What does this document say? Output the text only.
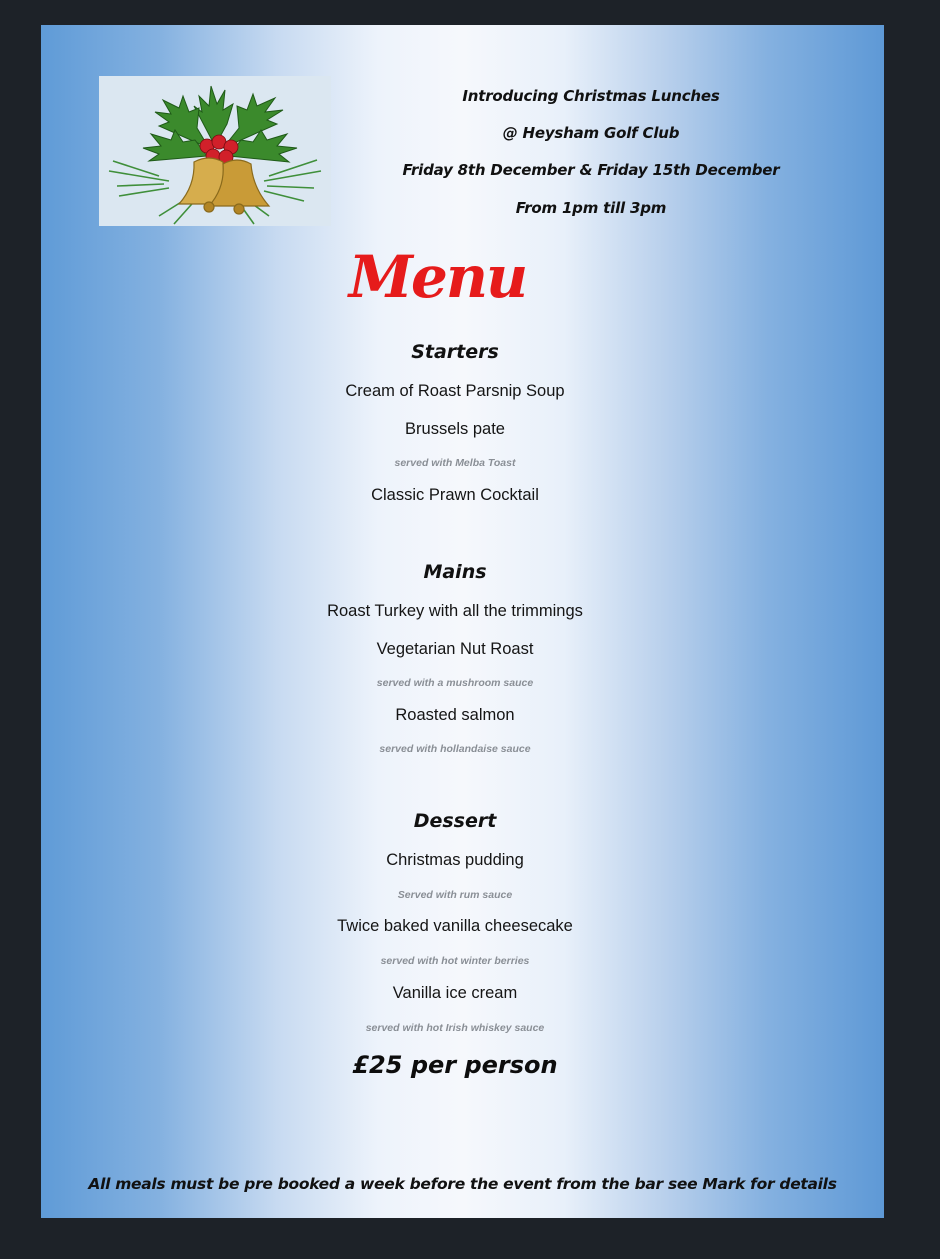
Introducing Christmas Lunches
@ Heysham Golf Club
Friday 8th December & Friday 15th December
From 1pm till 3pm
Menu
Starters
Cream of Roast Parsnip Soup
Brussels pate
served with Melba Toast
Classic Prawn Cocktail
Mains
Roast Turkey with all the trimmings
Vegetarian Nut Roast
served with a mushroom sauce
Roasted salmon
served with hollandaise sauce
Dessert
Christmas pudding
Served with rum sauce
Twice baked vanilla cheesecake
served with hot winter berries
Vanilla ice cream
served with hot Irish whiskey sauce
£25 per person
All meals must be pre booked a week before the event from the bar see Mark for details
